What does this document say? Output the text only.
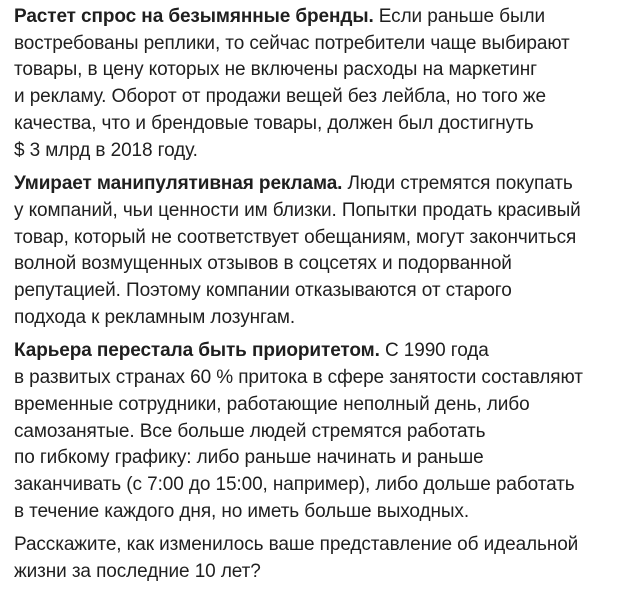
Растет спрос на безымянные бренды. Если раньше были
востребованы реплики, то сейчас потребители чаще выбирают
товары, в цену которых не включены расходы на маркетинг
и рекламу. Оборот от продажи вещей без лейбла, но того же
качества, что и брендовые товары, должен был достигнуть
$ 3 млрд в 2018 году.

Умирает манипулятивная реклама. Люди стремятся покупать
у компаний, чьи ценности им близки. Попытки продать красивый
товар, который не соответствует обещаниям, могут закончиться
волной возмущенных отзывов в соцсетях и подорванной
репутацией. Поэтому компании отказываются от старого
подхода к рекламным лозунгам.

Карьера перестала быть приоритетом. С 1990 года
в развитых странах 60 % притока в сфере занятости составляют
временные сотрудники, работающие неполный день, либо
самозанятые. Все больше людей стремятся работать
по гибкому графику: либо раньше начинать и раньше
заканчивать (с 7:00 до 15:00, например), либо дольше работать
в течение каждого дня, но иметь больше выходных.

Расскажите, как изменилось ваше представление об идеальной
жизни за последние 10 лет?
